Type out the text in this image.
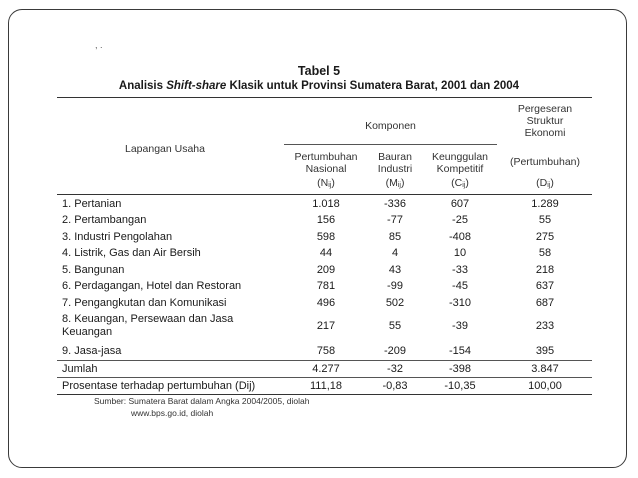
, .
Tabel 5
Analisis Shift-share Klasik untuk Provinsi Sumatera Barat, 2001 dan 2004
Lapangan Usaha
Komponen
Pergeseran
Struktur
Ekonomi
Pertumbuhan
Nasional
$(N_{ij})$
Bauran
Industri
$(M_{ij})$
Keunggulan
Kompetitif
$(C_{ij})$
(Pertumbuhan)
$(D_{ij})$
1. Pertanian	1.018	-336	607	1.289
2. Pertambangan	156	-77	-25	55
3. Industri Pengolahan	598	85	-408	275
4. Listrik, Gas dan Air Bersih	44	4	10	58
5. Bangunan	209	43	-33	218
6. Perdagangan, Hotel dan Restoran	781	-99	-45	637
7. Pengangkutan dan Komunikasi	496	502	-310	687
8. Keuangan, Persewaan dan Jasa
Keuangan	217	55	-39	233
9. Jasa-jasa	758	-209	-154	395
Jumlah	4.277	-32	-398	3.847
Prosentase terhadap pertumbuhan (Dij)	111,18	-0,83	-10,35	100,00
Sumber: Sumatera Barat dalam Angka 2004/2005, diolah
www.bps.go.id, diolah
